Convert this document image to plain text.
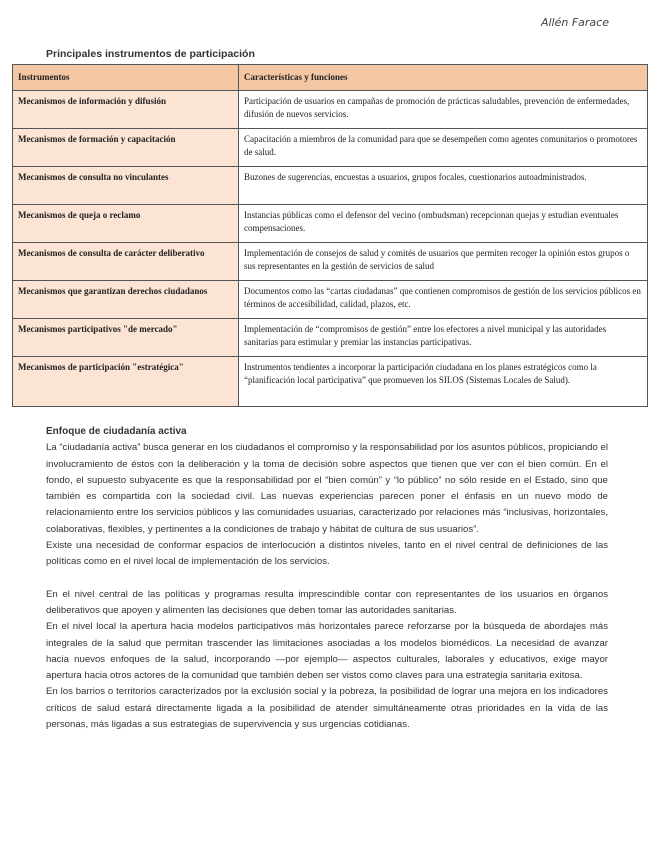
Allén Farace
Principales instrumentos de participación
Instrumentos	Características y funciones
Mecanismos de información y difusión	Participación de usuarios en campañas de promoción de prácticas saludables, prevención de enfermedades, difusión de nuevos servicios.
Mecanismos de formación y capacitación	Capacitación a miembros de la comunidad para que se desempeñen como agentes comunitarios o promotores de salud.
Mecanismos de consulta no vinculantes	Buzones de sugerencias, encuestas a usuarios, grupos focales, cuestionarios autoadministrados.
Mecanismos de queja o reclamo	Instancias públicas como el defensor del vecino (ombudsman) recepcionan quejas y estudian eventuales compensaciones.
Mecanismos de consulta de carácter deliberativo	Implementación de consejos de salud y comités de usuarios que permiten recoger la opinión estos grupos o sus representantes en la gestión de servicios de salud
Mecanismos que garantizan derechos ciudadanos	Documentos como las “cartas ciudadanas” que contienen compromisos de gestión de los servicios públicos en términos de accesibilidad, calidad, plazos, etc.
Mecanismos participativos "de mercado"	Implementación de “compromisos de gestión” entre los efectores a nivel municipal y las autoridades sanitarias para estimular y premiar las instancias participativas.
Mecanismos de participación "estratégica"	Instrumentos tendientes a incorporar la participación ciudadana en los planes estratégicos como la “planificación local participativa” que promueven los SILOS (Sistemas Locales de Salud).
Enfoque de ciudadanía activa

La “ciudadanía activa” busca generar en los ciudadanos el compromiso y la responsabilidad por los asuntos públicos, propiciando el involucramiento de éstos con la deliberación y la toma de decisión sobre aspectos que tienen que ver con el bien común. En el fondo, el supuesto subyacente es que la responsabilidad por el “bien común” y “lo público” no sólo reside en el Estado, sino que también es compartida con la sociedad civil. Las nuevas experiencias parecen poner el énfasis en un nuevo modo de relacionamiento entre los servicios públicos y las comunidades usuarias, caracterizado por relaciones más “inclusivas, horizontales, colaborativas, flexibles, y pertinentes a la condiciones de trabajo y hábitat de cultura de sus usuarios”.

Existe una necesidad de conformar espacios de interlocución a distintos niveles, tanto en el nivel central de definiciones de las políticas como en el nivel local de implementación de los servicios.

En el nivel central de las políticas y programas resulta imprescindible contar con representantes de los usuarios en órganos deliberativos que apoyen y alimenten las decisiones que deben tomar las autoridades sanitarias.

En el nivel local la apertura hacia modelos participativos más horizontales parece reforzarse por la búsqueda de abordajes más integrales de la salud que permitan trascender las limitaciones asociadas a los modelos biomédicos. La necesidad de avanzar hacia nuevos enfoques de la salud, incorporando —por ejemplo— aspectos culturales, laborales y educativos, exige mayor apertura hacia otros actores de la comunidad que también deben ser vistos como claves para una estrategia sanitaria exitosa.

En los barrios o territorios caracterizados por la exclusión social y la pobreza, la posibilidad de lograr una mejora en los indicadores críticos de salud estará directamente ligada a la posibilidad de atender simultáneamente otras prioridades en la vida de las personas, más ligadas a sus estrategias de supervivencia y sus urgencias cotidianas.
